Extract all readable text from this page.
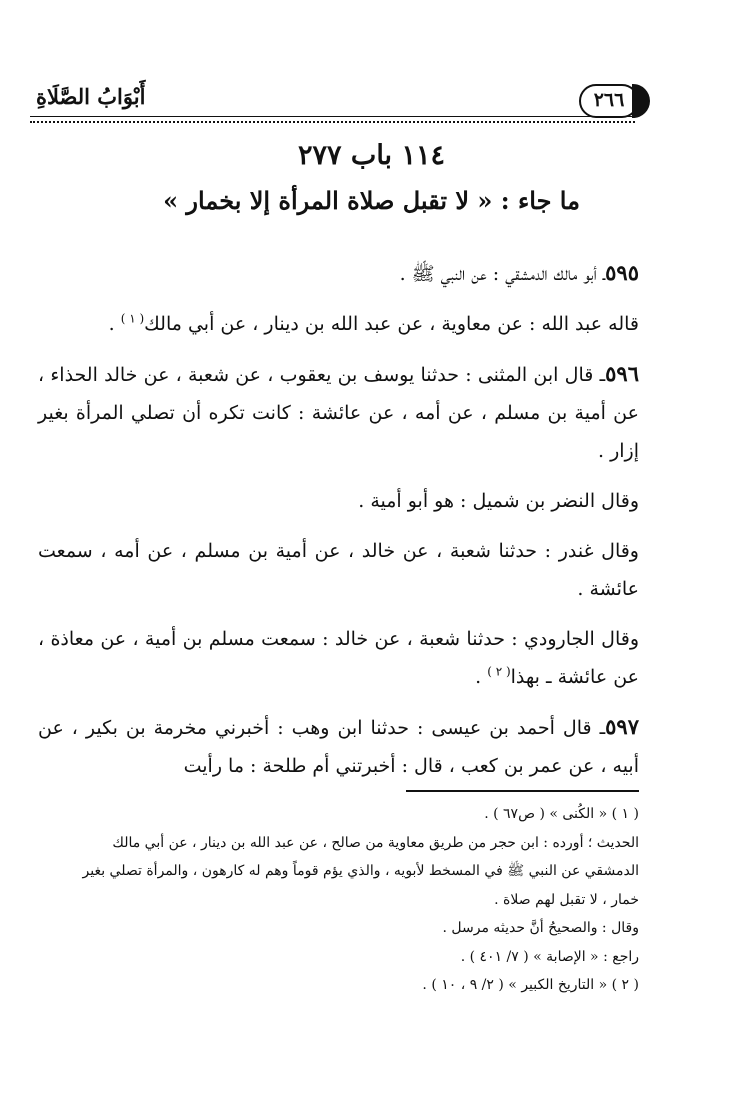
٢٦٦
أَبْوَابُ الصَّلَاةِ
١١٤ باب ٢٧٧
ما جاء : « لا تقبل صلاة المرأة إلا بخمار »

٥٩٥ـ أبو مالك الدمشقي : عن النبي ﷺ .

قاله عبد الله : عن معاوية ، عن عبد الله بن دينار ، عن أبي مالك$^{( ١ )}$ .

٥٩٦ـ قال ابن المثنى : حدثنا يوسف بن يعقوب ، عن شعبة ، عن خالد الحذاء ، عن أمية بن مسلم ، عن أمه ، عن عائشة : كانت تكره أن تصلي المرأة بغير إزار .

وقال النضر بن شميل : هو أبو أمية .

وقال غندر : حدثنا شعبة ، عن خالد ، عن أمية بن مسلم ، عن أمه ، سمعت عائشة .

وقال الجارودي : حدثنا شعبة ، عن خالد : سمعت مسلم بن أمية ، عن معاذة ، عن عائشة ـ بهذا$^{( ٢ )}$ .

٥٩٧ـ قال أحمد بن عيسى : حدثنا ابن وهب : أخبرني مخرمة بن بكير ، عن أبيه ، عن عمر بن كعب ، قال : أخبرتني أم طلحة : ما رأيت

( ١ ) « الكُنى » ( ص٦٧ ) .

الحديث ؛ أورده : ابن حجر من طريق معاوية من صالح ، عن عبد الله بن دينار ، عن أبي مالك

الدمشقي عن النبي ﷺ في المسخط لأبويه ، والذي يؤم قوماً وهم له كارهون ، والمرأة تصلي بغير

خمار ، لا تقبل لهم صلاة .

وقال : والصحيحُ أنَّ حديثه مرسل .

راجع : « الإصابة » ( ٧/ ٤٠١ ) .

( ٢ ) « التاريخ الكبير » ( ٢/ ٩ ، ١٠ ) .
